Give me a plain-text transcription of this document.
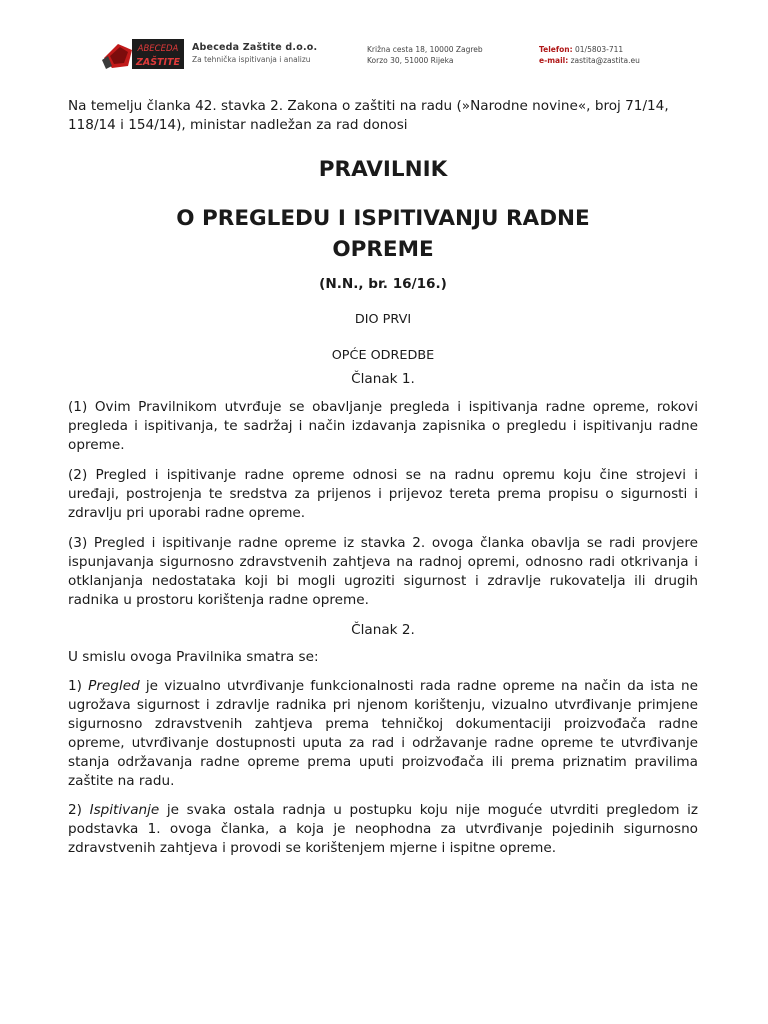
ABECEDA
ZAŠTITE
Abeceda Zaštite d.o.o.
Za tehnička ispitivanja i analizu
Križna cesta 18, 10000 Zagreb
Korzo 30, 51000 Rijeka
Telefon: 01/5803-711
e-mail: zastita@zastita.eu

Na temelju članka 42. stavka 2. Zakona o zaštiti na radu (»Narodne novine«, broj 71/14, 118/14 i 154/14), ministar nadležan za rad donosi

PRAVILNIK
O PREGLEDU I ISPITIVANJU RADNE OPREME
(N.N., br. 16/16.)

DIO PRVI

OPĆE ODREDBE

Članak 1.

(1) Ovim Pravilnikom utvrđuje se obavljanje pregleda i ispitivanja radne opreme, rokovi pregleda i ispitivanja, te sadržaj i način izdavanja zapisnika o pregledu i ispitivanju radne opreme.

(2) Pregled i ispitivanje radne opreme odnosi se na radnu opremu koju čine strojevi i uređaji, postrojenja te sredstva za prijenos i prijevoz tereta prema propisu o sigurnosti i zdravlju pri uporabi radne opreme.

(3) Pregled i ispitivanje radne opreme iz stavka 2. ovoga članka obavlja se radi provjere ispunjavanja sigurnosno zdravstvenih zahtjeva na radnoj opremi, odnosno radi otkrivanja i otklanjanja nedostataka koji bi mogli ugroziti sigurnost i zdravlje rukovatelja ili drugih radnika u prostoru korištenja radne opreme.

Članak 2.

U smislu ovoga Pravilnika smatra se:

1) Pregled je vizualno utvrđivanje funkcionalnosti rada radne opreme na način da ista ne ugrožava sigurnost i zdravlje radnika pri njenom korištenju, vizualno utvrđivanje primjene sigurnosno zdravstvenih zahtjeva prema tehničkoj dokumentaciji proizvođača radne opreme, utvrđivanje dostupnosti uputa za rad i održavanje radne opreme te utvrđivanje stanja održavanja radne opreme prema uputi proizvođača ili prema priznatim pravilima zaštite na radu.

2) Ispitivanje je svaka ostala radnja u postupku koju nije moguće utvrditi pregledom iz podstavka 1. ovoga članka, a koja je neophodna za utvrđivanje pojedinih sigurnosno zdravstvenih zahtjeva i provodi se korištenjem mjerne i ispitne opreme.
